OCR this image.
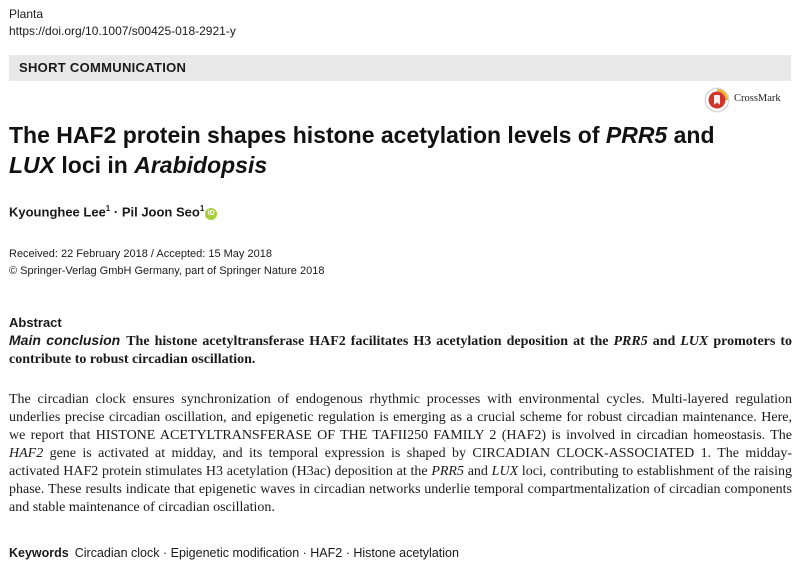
Planta
https://doi.org/10.1007/s00425-018-2921-y
SHORT COMMUNICATION
CrossMark
The HAF2 protein shapes histone acetylation levels of PRR5 and LUX loci in Arabidopsis
Kyounghee Lee$^1$ · Pil Joon Seo$^1$iD
Received: 22 February 2018 / Accepted: 15 May 2018
© Springer-Verlag GmbH Germany, part of Springer Nature 2018
Abstract

Main conclusion The histone acetyltransferase HAF2 facilitates H3 acetylation deposition at the PRR5 and LUX promoters to contribute to robust circadian oscillation.

The circadian clock ensures synchronization of endogenous rhythmic processes with environmental cycles. Multi-layered regulation underlies precise circadian oscillation, and epigenetic regulation is emerging as a crucial scheme for robust circadian maintenance. Here, we report that HISTONE ACETYLTRANSFERASE OF THE TAFII250 FAMILY 2 (HAF2) is involved in circadian homeostasis. The HAF2 gene is activated at midday, and its temporal expression is shaped by CIRCADIAN CLOCK-ASSOCIATED 1. The midday-activated HAF2 protein stimulates H3 acetylation (H3ac) deposition at the PRR5 and LUX loci, contributing to establishment of the raising phase. These results indicate that epigenetic waves in circadian networks underlie temporal compartmentalization of circadian components and stable maintenance of circadian oscillation.

Keywords Circadian clock · Epigenetic modification · HAF2 · Histone acetylation
